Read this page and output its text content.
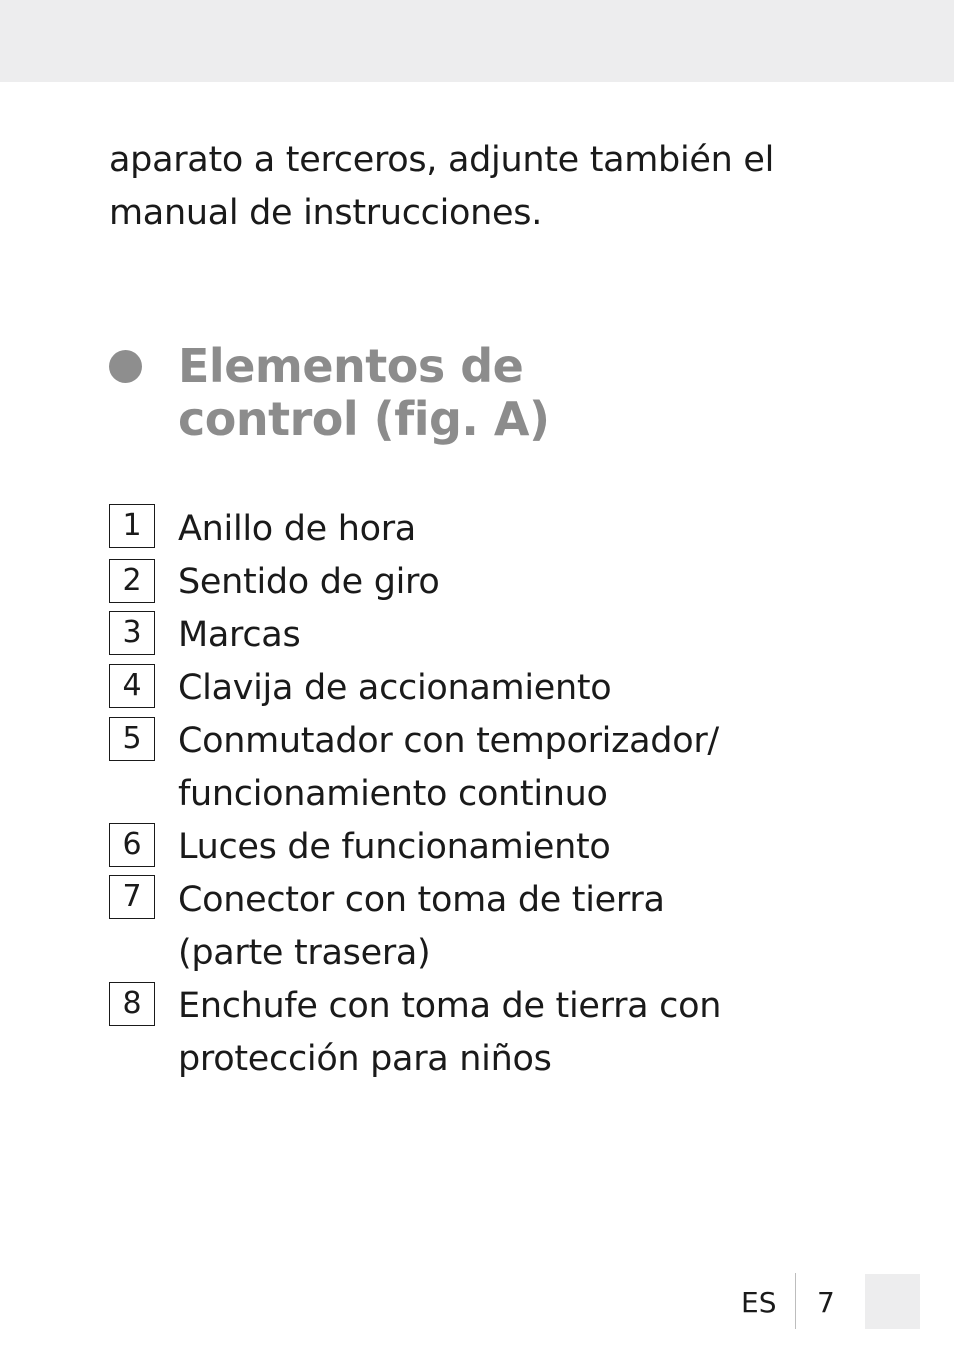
aparato a terceros, adjunte también el
manual de instrucciones.

Elementos de
control (fig. A)
1	Anillo de hora
2	Sentido de giro
3	Marcas
4	Clavija de accionamiento
5	Conmutador con temporizador/
funcionamiento continuo
6	Luces de funcionamiento
7	Conector con toma de tierra
(parte trasera)
8	Enchufe con toma de tierra con
protección para niños
ES 7
